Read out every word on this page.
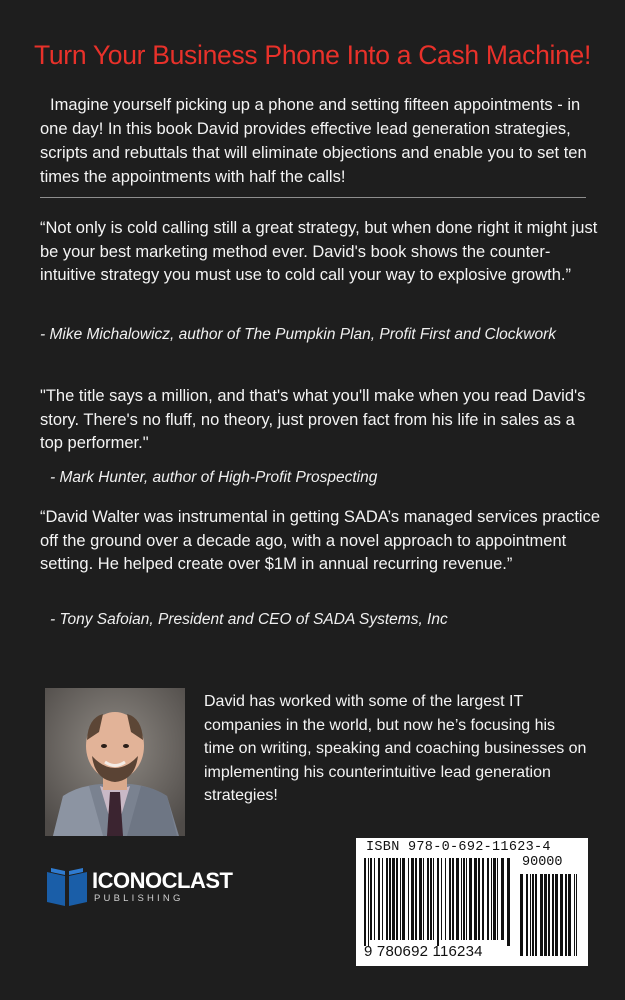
Turn Your Business Phone Into a Cash Machine!
Imagine yourself picking up a phone and setting fifteen appointments - in one day! In this book David provides effective lead generation strategies, scripts and rebuttals that will eliminate objections and enable you to set ten times the appointments with half the calls!
“Not only is cold calling still a great strategy, but when done right it might just be your best marketing method ever. David's book shows the counter-intuitive strategy you must use to cold call your way to explosive growth.”
- Mike Michalowicz, author of The Pumpkin Plan, Profit First and Clockwork
"The title says a million, and that's what you'll make when you read David's story. There's no fluff, no theory, just proven fact from his life in sales as a top performer."
- Mark Hunter, author of High-Profit Prospecting
“David Walter was instrumental in getting SADA’s managed services practice off the ground over a decade ago, with a novel approach to appointment setting. He helped create over $1M in annual recurring revenue.”
- Tony Safoian, President and CEO of SADA Systems, Inc
David has worked with some of the largest IT companies in the world, but now he’s focusing his time on writing, speaking and coaching businesses on implementing his counterintuitive lead generation strategies!
ICONOCLAST
PUBLISHING
ISBN 978-0-692-11623-4
90000
9 780692 116234
